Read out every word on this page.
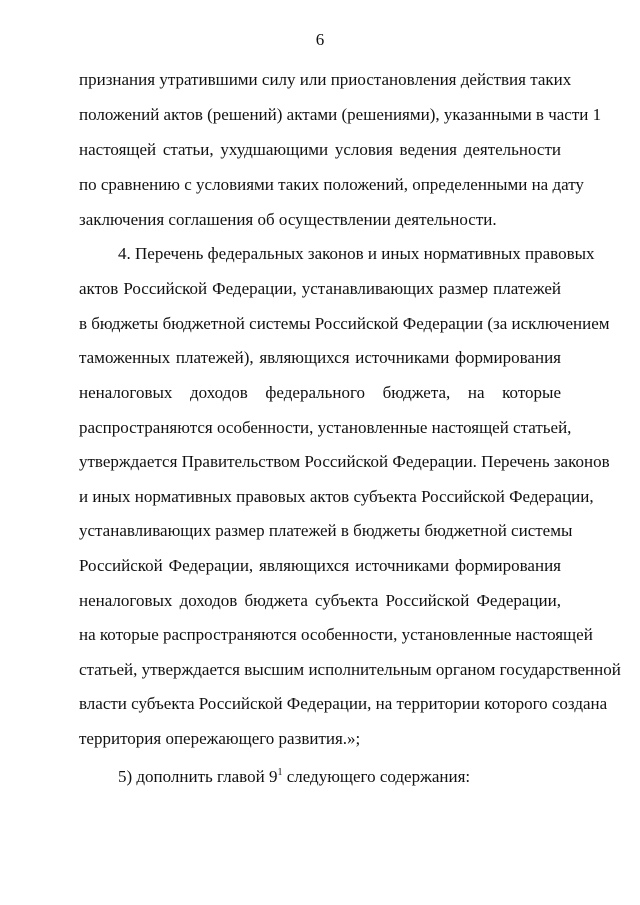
6
признания утратившими силу или приостановления действия таких
положений актов (решений) актами (решениями), указанными в части 1
настоящей статьи, ухудшающими условия ведения деятельности
по сравнению с условиями таких положений, определенными на дату
заключения соглашения об осуществлении деятельности.
4. Перечень федеральных законов и иных нормативных правовых
актов Российской Федерации, устанавливающих размер платежей
в бюджеты бюджетной системы Российской Федерации (за исключением
таможенных платежей), являющихся источниками формирования
неналоговых доходов федерального бюджета, на которые
распространяются особенности, установленные настоящей статьей,
утверждается Правительством Российской Федерации. Перечень законов
и иных нормативных правовых актов субъекта Российской Федерации,
устанавливающих размер платежей в бюджеты бюджетной системы
Российской Федерации, являющихся источниками формирования
неналоговых доходов бюджета субъекта Российской Федерации,
на которые распространяются особенности, установленные настоящей
статьей, утверждается высшим исполнительным органом государственной
власти субъекта Российской Федерации, на территории которого создана
территория опережающего развития.»;
5) дополнить главой $9^1$ следующего содержания:
